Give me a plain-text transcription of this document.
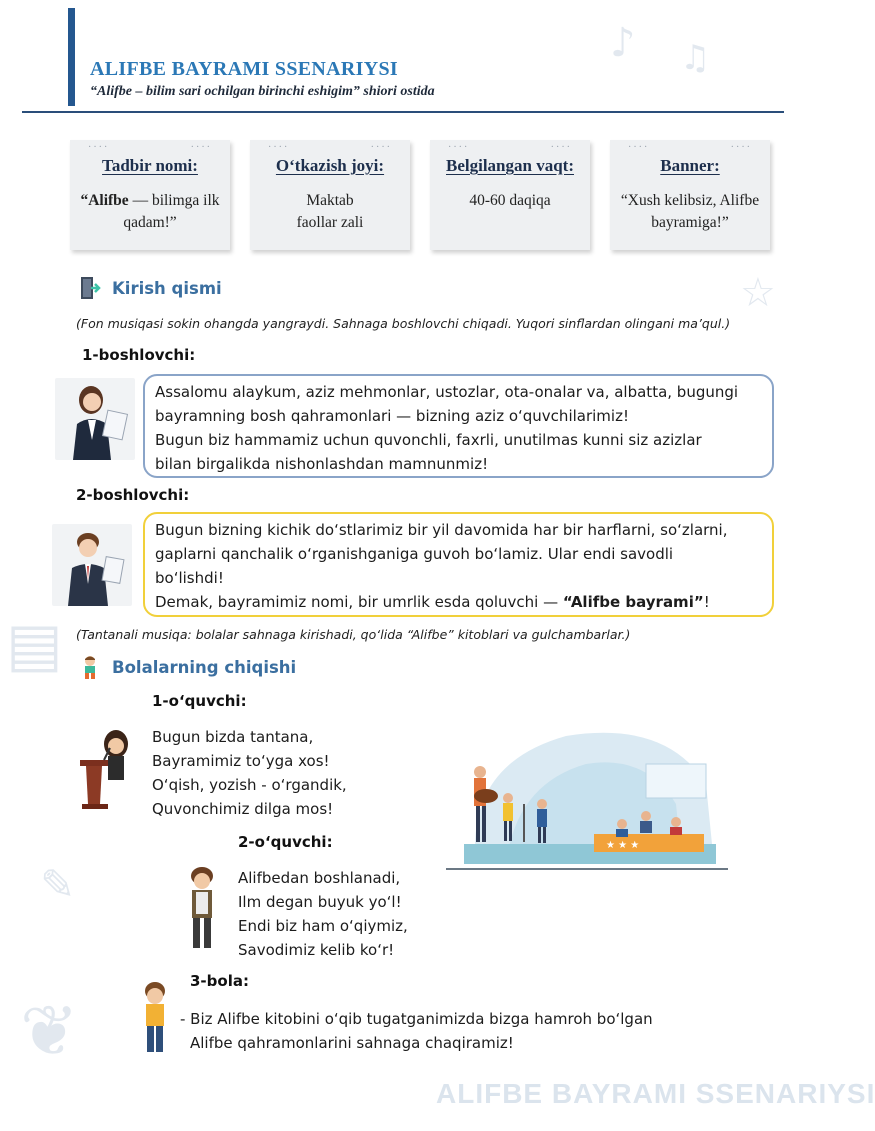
♪ ♫
✎
❦
▤
☆
ALIFBE BAYRAMI SSENARIYSI
ALIFBE BAYRAMI SSENARIYSI
“Alifbe – bilim sari ochilgan birinchi eshigim” shiori ostida
····	····
Tadbir nomi:
“Alifbe — bilimga ilk qadam!”
····	····
O‘tkazish joyi:
Maktab faollar zali
····	····
Belgilangan vaqt:
40-60 daqiqa
····	····
Banner:
“Xush kelibsiz, Alifbe bayramiga!”
Kirish qismi
(Fon musiqasi sokin ohangda yangraydi. Sahnaga boshlovchi chiqadi. Yuqori sinflardan olingani ma’qul.)
1-boshlovchi:

Assalomu alaykum, aziz mehmonlar, ustozlar, ota-onalar va, albatta, bugungi

bayramning bosh qahramonlari — bizning aziz o‘quvchilarimiz!

Bugun biz hammamiz uchun quvonchli, faxrli, unutilmas kunni siz azizlar

bilan birgalikda nishonlashdan mamnunmiz!

2-boshlovchi:

Bugun bizning kichik do‘stlarimiz bir yil davomida har bir harflarni, so‘zlarni,

gaplarni qanchalik o‘rganishganiga guvoh bo‘lamiz. Ular endi savodli

bo‘lishdi!

Demak, bayramimiz nomi, bir umrlik esda qoluvchi — “Alifbe bayrami”!

(Tantanali musiqa: bolalar sahnaga kirishadi, qo‘lida “Alifbe” kitoblari va gulchambarlar.)
Bolalarning chiqishi
1-o‘quvchi:
Bugun bizda tantana,
Bayramimiz to‘yga xos!
O‘qish, yozish - o‘rgandik,
Quvonchimiz dilga mos!
★ ★ ★
2-o‘quvchi:
Alifbedan boshlanadi,
Ilm degan buyuk yo‘l!
Endi biz ham o‘qiymiz,
Savodimiz kelib ko‘r!
3-bola:
- Biz Alifbe kitobini o‘qib tugatganimizda bizga hamroh bo‘lgan
Alifbe qahramonlarini sahnaga chaqiramiz!
